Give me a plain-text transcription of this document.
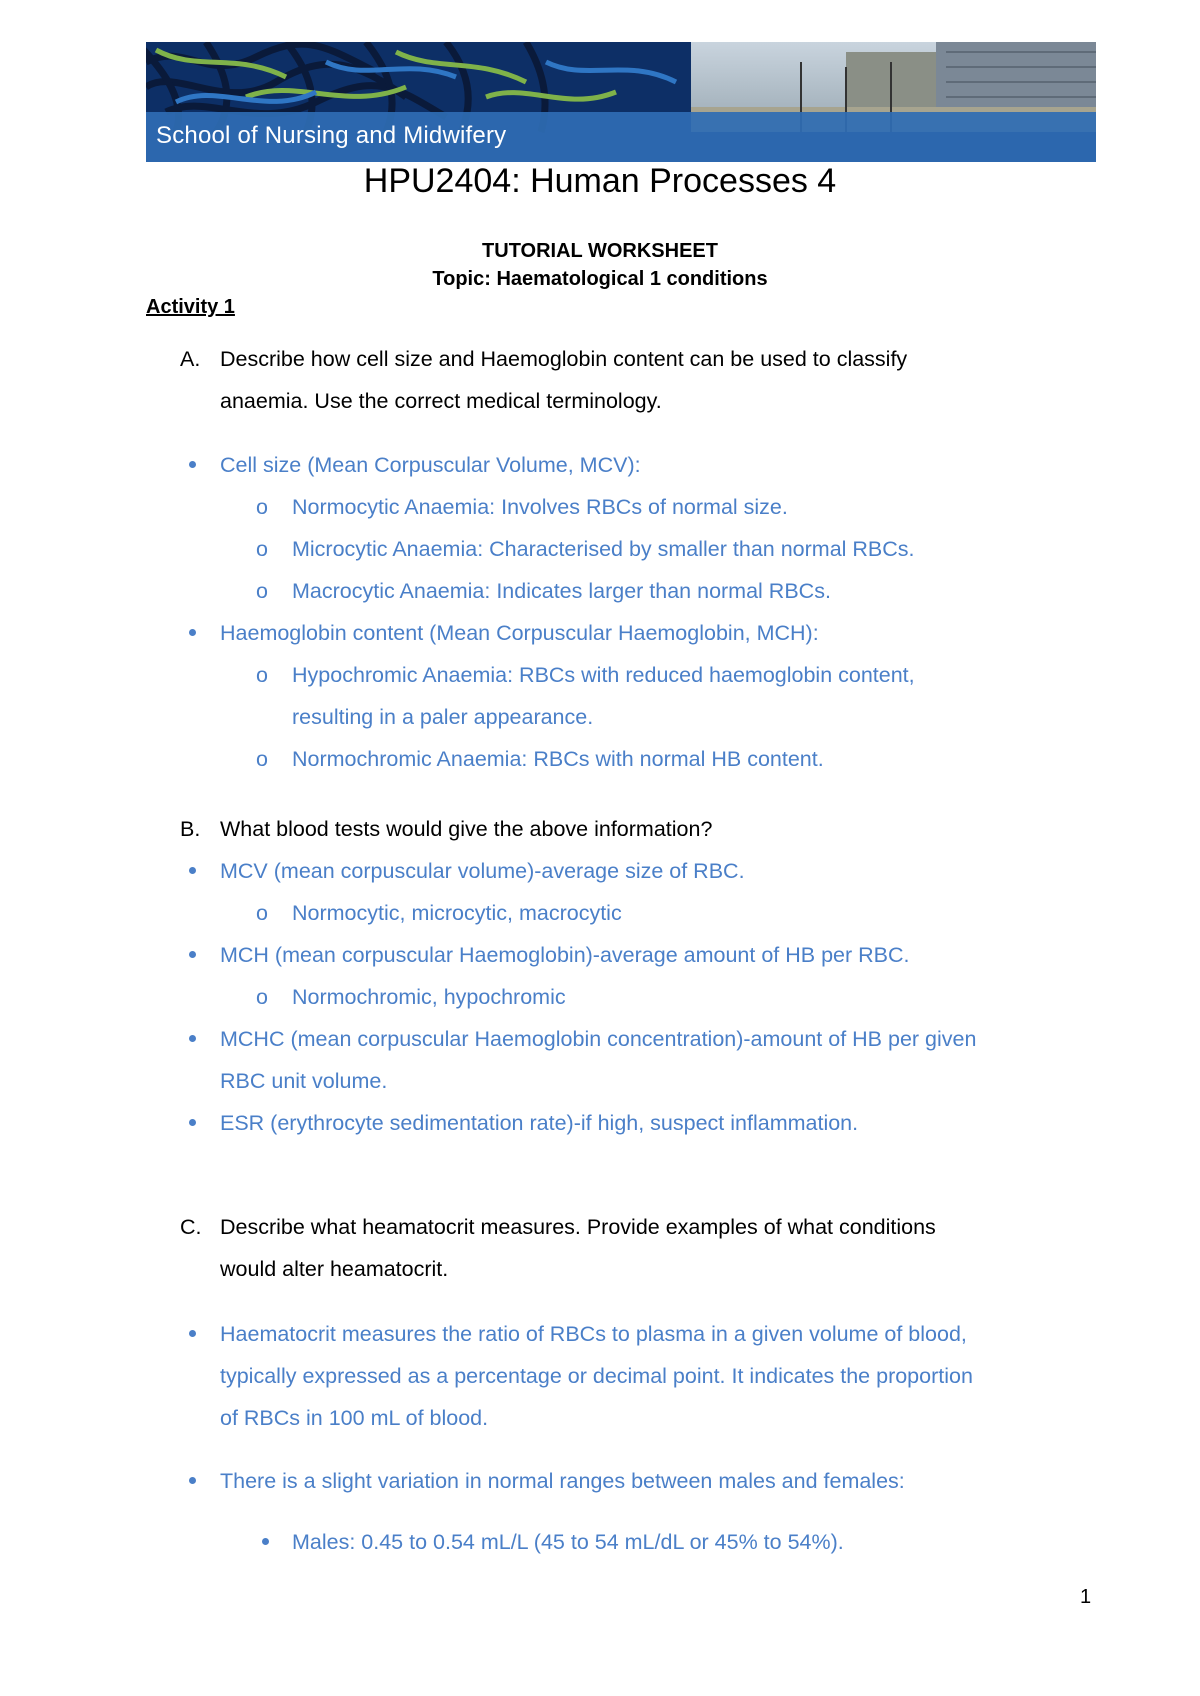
School of Nursing and Midwifery
HPU2404: Human Processes 4
TUTORIAL WORKSHEET
Topic: Haematological 1 conditions
Activity 1
A. Describe how cell size and Haemoglobin content can be used to classify
anaemia. Use the correct medical terminology.
Cell size (Mean Corpuscular Volume, MCV):
o Normocytic Anaemia: Involves RBCs of normal size.
o Microcytic Anaemia: Characterised by smaller than normal RBCs.
o Macrocytic Anaemia: Indicates larger than normal RBCs.
Haemoglobin content (Mean Corpuscular Haemoglobin, MCH):
o Hypochromic Anaemia: RBCs with reduced haemoglobin content,
resulting in a paler appearance.
o Normochromic Anaemia: RBCs with normal HB content.
B. What blood tests would give the above information?
MCV (mean corpuscular volume)-average size of RBC.
o Normocytic, microcytic, macrocytic
MCH (mean corpuscular Haemoglobin)-average amount of HB per RBC.
o Normochromic, hypochromic
MCHC (mean corpuscular Haemoglobin concentration)-amount of HB per given
RBC unit volume.
ESR (erythrocyte sedimentation rate)-if high, suspect inflammation.
C. Describe what heamatocrit measures. Provide examples of what conditions
would alter heamatocrit.
Haematocrit measures the ratio of RBCs to plasma in a given volume of blood,
typically expressed as a percentage or decimal point. It indicates the proportion
of RBCs in 100 mL of blood.
There is a slight variation in normal ranges between males and females:
Males: 0.45 to 0.54 mL/L (45 to 54 mL/dL or 45% to 54%).
1
